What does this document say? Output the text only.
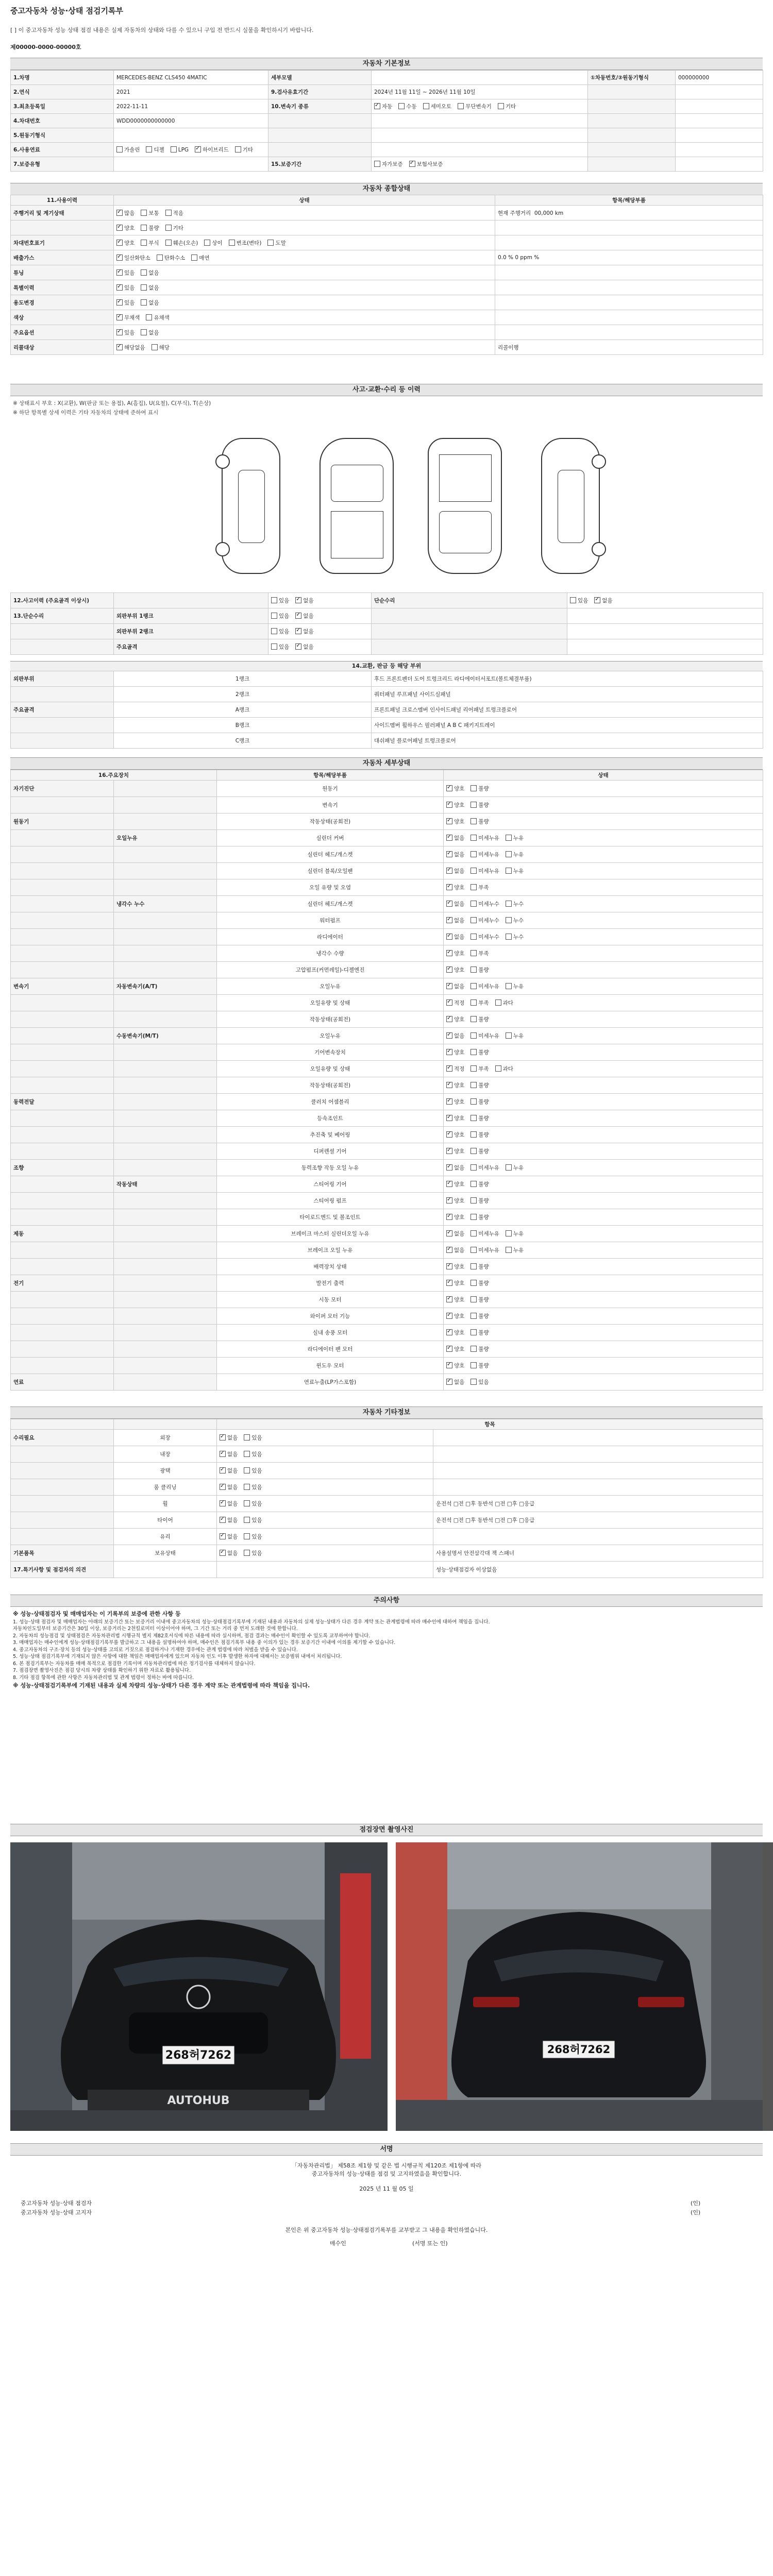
중고자동차 성능·상태 점검기록부
[ ] 이 중고자동차 성능 상태 점검 내용은 실제 자동차의 상태와 다를 수 있으니 구입 전 반드시 실물을 확인하시기 바랍니다.
제00000-0000-00000호
자동차 기본정보
1.차명	MERCEDES-BENZ CLS450 4MATIC	세부모델		①차동번호/②원동기형식	000000000
2.연식	2021	9.검사유효기간	2024년 11월 11일 ~ 2026년 11월 10일		
3.최초등록일	2022-11-11	10.변속기 종류	✓자동 수동 세미오토 무단변속기 기타		
4.차대번호	WDD0000000000000				
5.원동기형식					
6.사용연료	가솔린 디젤 LPG ✓ 하이브리드 기타				
7.보증유형		15.보증기간	자가보증 ✓ 보험사보증		
자동차 종합상태
11.사용이력	상태	항목/해당부품
주행거리 및 계기상태	✓많음 보통 적음	현재 주행거리  00,000 km
	✓양호 불량 기타	
차대번호표기	✓양호 부식 훼손(오손) 상이 변조(변타) 도말	
배출가스	✓일산화탄소 탄화수소 매연	0.0 % 0 ppm %
튜닝	✓있음 없음	
특별이력	✓있음 없음	
용도변경	✓있음 없음	
색상	✓무채색 유채색	
주요옵션	✓있음 없음	
리콜대상	✓해당없음 해당	리콜이행
사고·교환·수리 등 이력
※ 상태표시 부호 : X(교환), W(판금 또는 용접), A(흠집), U(요철), C(부식), T(손상)
※ 하단 항목별 상세 이력은 기타 자동차의 상태에 준하여 표시
12.사고이력 (주요골격 이상시)		있음 ✓ 없음	단순수리	있음 ✓ 없음
13.단순수리	외판부위 1랭크	있음 ✓ 없음		
	외판부위 2랭크	있음 ✓ 없음		
	주요골격	있음 ✓ 없음		
14.교환, 판금 등 해당 부위
외판부위	1랭크	후드 프론트펜더 도어 트렁크리드 라디에이터서포트(볼트체결부품)
	2랭크	쿼터패널 루프패널 사이드실패널
주요골격	A랭크	프론트패널 크로스멤버 인사이드패널 리어패널 트렁크플로어
	B랭크	사이드멤버 휠하우스 필러패널 A B C 패키지트레이
	C랭크	대쉬패널 플로어패널 트렁크플로어
자동차 세부상태
16.주요장치		항목/해당부품	상태
자기진단		원동기	✓양호 불량
		변속기	✓양호 불량
원동기		작동상태(공회전)	✓양호 불량
	오일누유	실린더 커버	✓없음 미세누유 누유
		실린더 헤드/개스켓	✓없음 미세누유 누유
		실린더 블록/오일팬	✓없음 미세누유 누유
		오일 유량 및 오염	✓양호 부족
	냉각수 누수	실린더 헤드/개스켓	✓없음 미세누수 누수
		워터펌프	✓없음 미세누수 누수
		라디에이터	✓없음 미세누수 누수
		냉각수 수량	✓양호 부족
		고압펌프(커먼레일)-디젤엔진	✓양호 불량
변속기	자동변속기(A/T)	오일누유	✓없음 미세누유 누유
		오일유량 및 상태	✓적정 부족 과다
		작동상태(공회전)	✓양호 불량
	수동변속기(M/T)	오일누유	✓없음 미세누유 누유
		기어변속장치	✓양호 불량
		오일유량 및 상태	✓적정 부족 과다
		작동상태(공회전)	✓양호 불량
동력전달		클러치 어셈블리	✓양호 불량
		등속조인트	✓양호 불량
		추진축 및 베어링	✓양호 불량
		디퍼렌셜 기어	✓양호 불량
조향		동력조향 작동 오일 누유	✓없음 미세누유 누유
	작동상태	스티어링 기어	✓양호 불량
		스티어링 펌프	✓양호 불량
		타이로드엔드 및 볼조인트	✓양호 불량
제동		브레이크 마스터 실린더오일 누유	✓없음 미세누유 누유
		브레이크 오일 누유	✓없음 미세누유 누유
		배력장치 상태	✓양호 불량
전기		발전기 출력	✓양호 불량
		시동 모터	✓양호 불량
		와이퍼 모터 기능	✓양호 불량
		실내 송풍 모터	✓양호 불량
		라디에이터 팬 모터	✓양호 불량
		윈도우 모터	✓양호 불량
연료		연료누출(LP가스포함)	✓없음 있음
자동차 기타정보
		항목	
수리필요	외장	✓없음 있음	
	내장	✓없음 있음	
	광택	✓없음 있음	
	룸 클리닝	✓없음 있음	
	휠	✓없음 있음	운전석 □전 □후 동반석 □전 □후 □응급
	타이어	✓없음 있음	운전석 □전 □후 동반석 □전 □후 □응급
	유리	✓없음 있음	
기본품목	보유상태	✓없음 있음	사용설명서 안전삼각대 잭 스패너
17.특기사항 및 점검자의 의견			성능·상태점검자 이상없음
주의사항

※ 성능·상태점검자 및 매매업자는 이 기록부의 보증에 관한 사항 등

1. 성능·상태 점검자 및 매매업자는 아래의 보증기간 또는 보증거리 이내에 중고자동차의 성능·상태점검기록부에 기재된 내용과 자동차의 실제 성능·상태가 다른 경우 계약 또는 관계법령에 따라 매수인에 대하여 책임을 집니다.

자동차인도일부터 보증기간은 30일 이상, 보증거리는 2천킬로미터 이상이어야 하며, 그 기간 또는 거리 중 먼저 도래한 것에 한합니다.

2. 자동차의 성능점검 및 상태점검은 자동차관리법 시행규칙 별지 제82호서식에 따른 내용에 따라 실시하며, 점검 결과는 매수인이 확인할 수 있도록 교부하여야 합니다.

3. 매매업자는 매수인에게 성능·상태점검기록부를 발급하고 그 내용을 설명하여야 하며, 매수인은 점검기록부 내용 중 이의가 있는 경우 보증기간 이내에 이의를 제기할 수 있습니다.

4. 중고자동차의 구조·장치 등의 성능·상태를 고의로 거짓으로 점검하거나 기재한 경우에는 관계 법령에 따라 처벌을 받을 수 있습니다.

5. 성능·상태 점검기록부에 기재되지 않은 사항에 대한 책임은 매매업자에게 있으며 자동차 인도 이후 발생한 하자에 대해서는 보증범위 내에서 처리됩니다.

6. 본 점검기록부는 자동차를 매매 목적으로 점검한 기록이며 자동차관리법에 따른 정기검사를 대체하지 않습니다.

7. 점검장면 촬영사진은 점검 당시의 차량 상태를 확인하기 위한 자료로 활용됩니다.

8. 기타 점검 항목에 관한 사항은 자동차관리법 및 관계 법령이 정하는 바에 따릅니다.

※ 성능·상태점검기록부에 기재된 내용과 실제 차량의 성능·상태가 다른 경우 계약 또는 관계법령에 따라 책임을 집니다.

점검장면 촬영사진
268허7262
AUTOHUB
268허7262
서명
「자동차관리법」 제58조 제1항 및 같은 법 시행규칙 제120조 제1항에 따라
중고자동차의 성능·상태를 점검 및 고지하였음을 확인합니다.
2025 년 11 월 05 일
중고자동차 성능·상태 점검자	(인)
중고자동차 성능·상태 고지자	(인)
본인은 위 중고자동차 성능·상태점검기록부를 교부받고 그 내용을 확인하였습니다.
매수인	(서명 또는 인)
